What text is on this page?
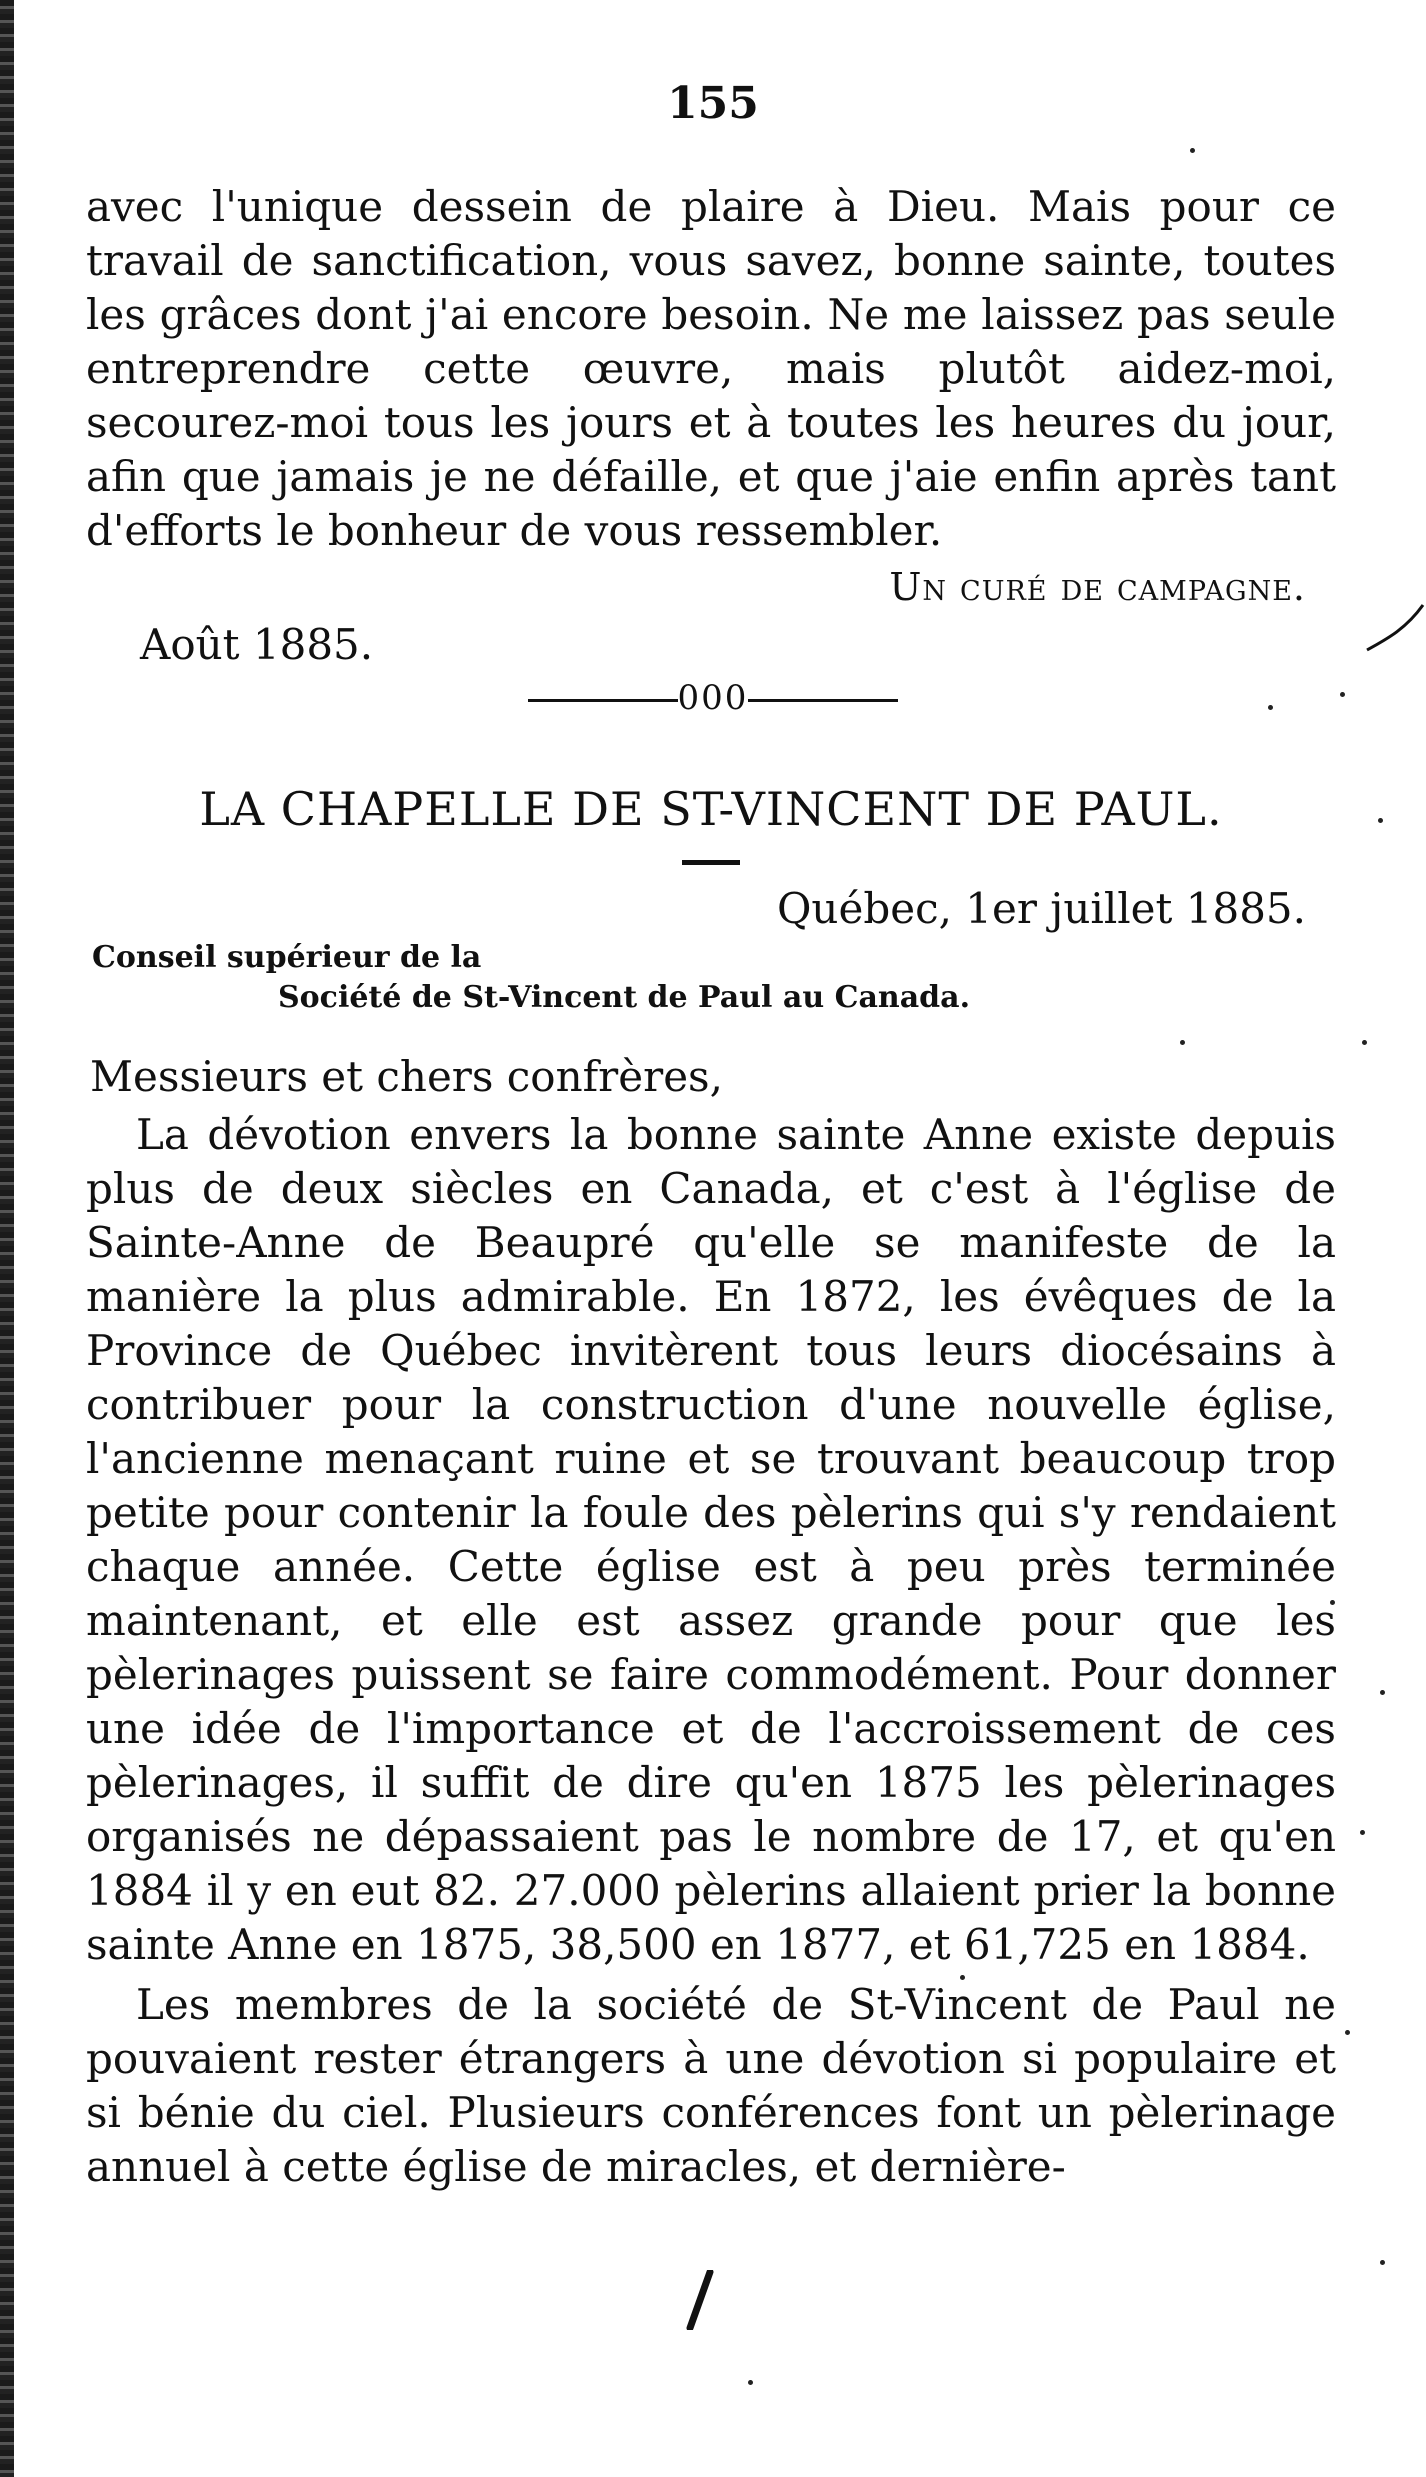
155

avec l'unique dessein de plaire à Dieu. Mais pour ce travail de sanctification, vous savez, bonne sainte, toutes les grâces dont j'ai encore besoin. Ne me laissez pas seule entreprendre cette œuvre, mais plutôt aidez-moi, secourez-moi tous les jours et à toutes les heures du jour, afin que jamais je ne défaille, et que j'aie enfin après tant d'efforts le bonheur de vous ressembler.

Un curé de campagne.

Août 1885.

000

LA CHAPELLE DE ST-VINCENT DE PAUL.

Québec, 1er juillet 1885.

Conseil supérieur de la

Société de St-Vincent de Paul au Canada.

Messieurs et chers confrères,

La dévotion envers la bonne sainte Anne existe depuis plus de deux siècles en Canada, et c'est à l'église de Sainte-Anne de Beaupré qu'elle se manifeste de la manière la plus admirable. En 1872, les évêques de la Province de Québec invitèrent tous leurs diocésains à contribuer pour la construction d'une nouvelle église, l'ancienne menaçant ruine et se trouvant beaucoup trop petite pour contenir la foule des pèlerins qui s'y rendaient chaque année. Cette église est à peu près terminée maintenant, et elle est assez grande pour que les pèlerinages puissent se faire commodément. Pour donner une idée de l'importance et de l'accroissement de ces pèlerinages, il suffit de dire qu'en 1875 les pèlerinages organisés ne dépassaient pas le nombre de 17, et qu'en 1884 il y en eut 82. 27.000 pèlerins allaient prier la bonne sainte Anne en 1875, 38,500 en 1877, et 61,725 en 1884.

Les membres de la société de St-Vincent de Paul ne pouvaient rester étrangers à une dévotion si populaire et si bénie du ciel. Plusieurs conférences font un pèlerinage annuel à cette église de miracles, et dernière-
